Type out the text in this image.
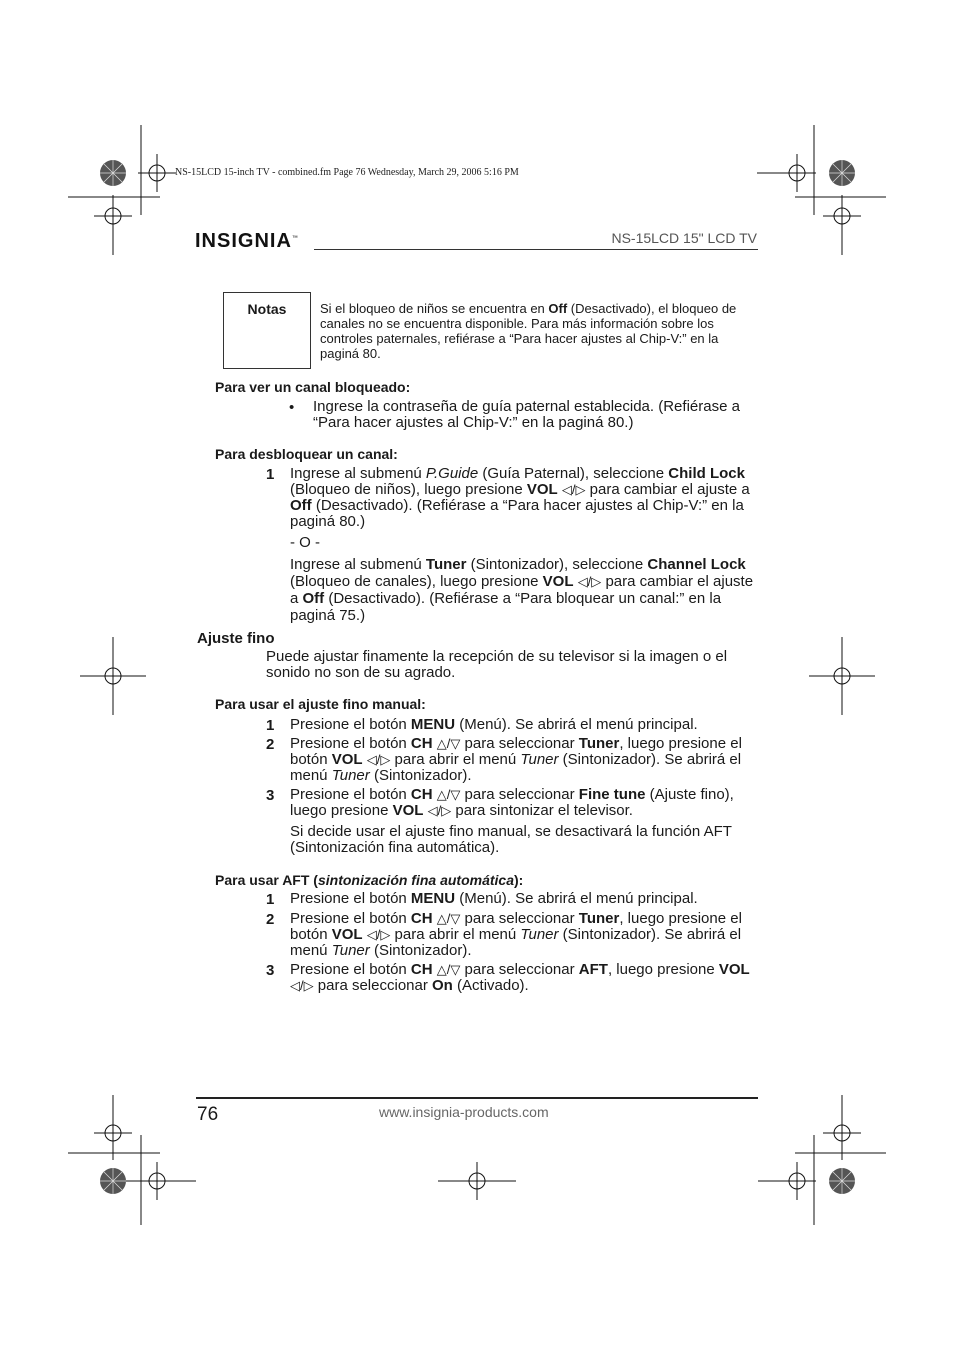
NS-15LCD 15-inch TV - combined.fm Page 76 Wednesday, March 29, 2006 5:16 PM
INSIGNIA™	NS-15LCD 15" LCD TV
Notas	Si el bloqueo de niños se encuentra en Off (Desactivado), el bloqueo de canales no se encuentra disponible. Para más información sobre los controles paternales, refiérase a “Para hacer ajustes al Chip-V:” en la paginá 80.
Para ver un canal bloqueado:
• Ingrese la contraseña de guía paternal establecida. (Refiérase a “Para hacer ajustes al Chip-V:” en la paginá 80.)
Para desbloquear un canal:
1 Ingrese al submenú P.Guide (Guía Paternal), seleccione Child Lock (Bloqueo de niños), luego presione VOL ◁/▷ para cambiar el ajuste a Off (Desactivado). (Refiérase a “Para hacer ajustes al Chip-V:” en la paginá 80.)
- O -
Ingrese al submenú Tuner (Sintonizador), seleccione Channel Lock (Bloqueo de canales), luego presione VOL ◁/▷ para cambiar el ajuste a Off (Desactivado). (Refiérase a “Para bloquear un canal:” en la paginá 75.)
Ajuste fino
Puede ajustar finamente la recepción de su televisor si la imagen o el sonido no son de su agrado.
Para usar el ajuste fino manual:
1 Presione el botón MENU (Menú). Se abrirá el menú principal.
2 Presione el botón CH △/▽ para seleccionar Tuner, luego presione el botón VOL ◁/▷ para abrir el menú Tuner (Sintonizador). Se abrirá el menú Tuner (Sintonizador).
3 Presione el botón CH △/▽ para seleccionar Fine tune (Ajuste fino), luego presione VOL ◁/▷ para sintonizar el televisor.
Si decide usar el ajuste fino manual, se desactivará la función AFT (Sintonización fina automática).
Para usar AFT (sintonización fina automática):
1 Presione el botón MENU (Menú). Se abrirá el menú principal.
2 Presione el botón CH △/▽ para seleccionar Tuner, luego presione el botón VOL ◁/▷ para abrir el menú Tuner (Sintonizador). Se abrirá el menú Tuner (Sintonizador).
3 Presione el botón CH △/▽ para seleccionar AFT, luego presione VOL ◁/▷ para seleccionar On (Activado).
76	www.insignia-products.com
